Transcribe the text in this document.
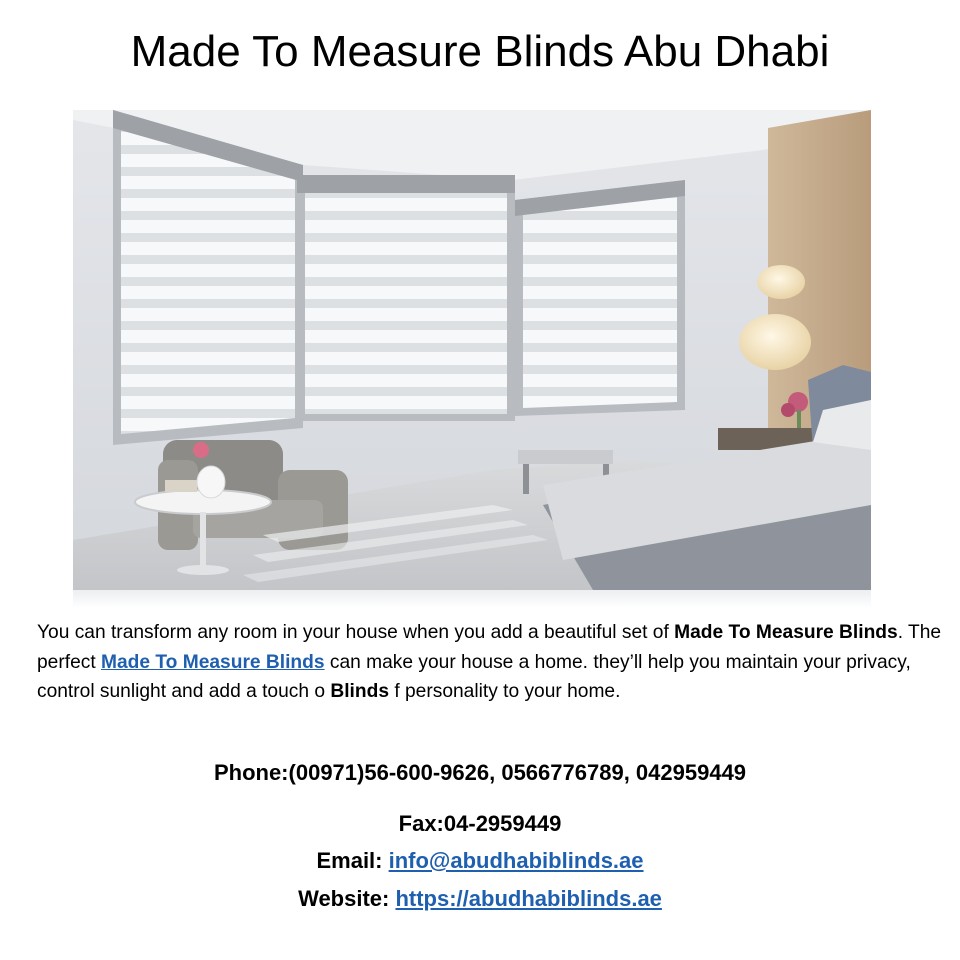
Made To Measure Blinds Abu Dhabi

You can transform any room in your house when you add a beautiful set of Made To Measure Blinds. The perfect Made To Measure Blinds can make your house a home. they’ll help you maintain your privacy, control sunlight and add a touch o Blinds f personality to your home.

Phone:(00971)56-600-9626, 0566776789, 042959449

Fax:04-2959449

Email: info@abudhabiblinds.ae

Website: https://abudhabiblinds.ae
